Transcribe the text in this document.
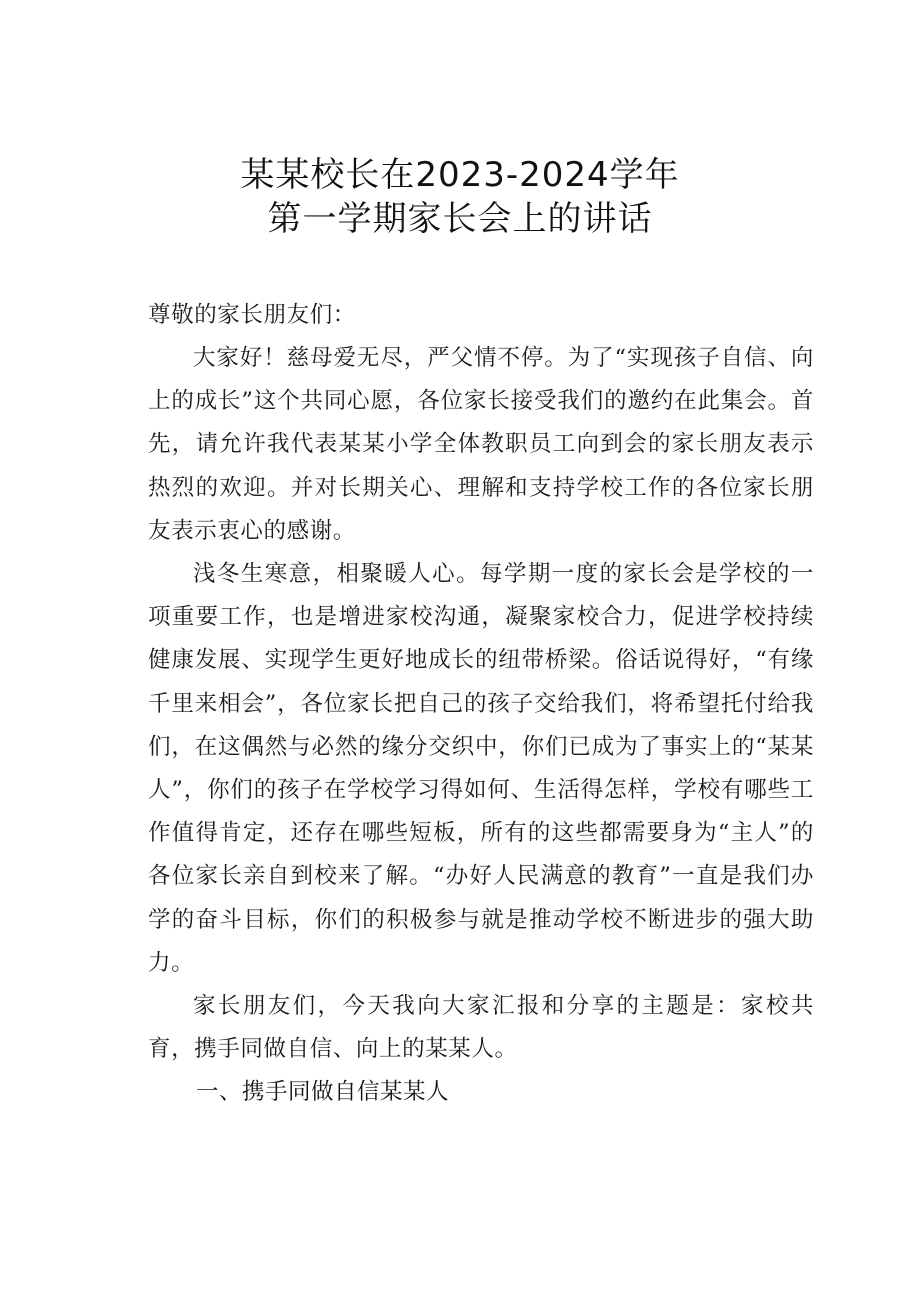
某某校长在2023-2024学年
第一学期家长会上的讲话
尊敬的家长朋友们：

大家好！慈母爱无尽，严父情不停。为了“实现孩子自信、向上的成长”这个共同心愿，各位家长接受我们的邀约在此集会。首先，请允许我代表某某小学全体教职员工向到会的家长朋友表示热烈的欢迎。并对长期关心、理解和支持学校工作的各位家长朋友表示衷心的感谢。

浅冬生寒意，相聚暖人心。每学期一度的家长会是学校的一项重要工作，也是增进家校沟通，凝聚家校合力，促进学校持续健康发展、实现学生更好地成长的纽带桥梁。俗话说得好，“有缘千里来相会”，各位家长把自己的孩子交给我们，将希望托付给我们，在这偶然与必然的缘分交织中，你们已成为了事实上的“某某人”，你们的孩子在学校学习得如何、生活得怎样，学校有哪些工作值得肯定，还存在哪些短板，所有的这些都需要身为“主人”的各位家长亲自到校来了解。“办好人民满意的教育”一直是我们办学的奋斗目标，你们的积极参与就是推动学校不断进步的强大助力。

家长朋友们，今天我向大家汇报和分享的主题是：家校共育，携手同做自信、向上的某某人。

一、携手同做自信某某人
